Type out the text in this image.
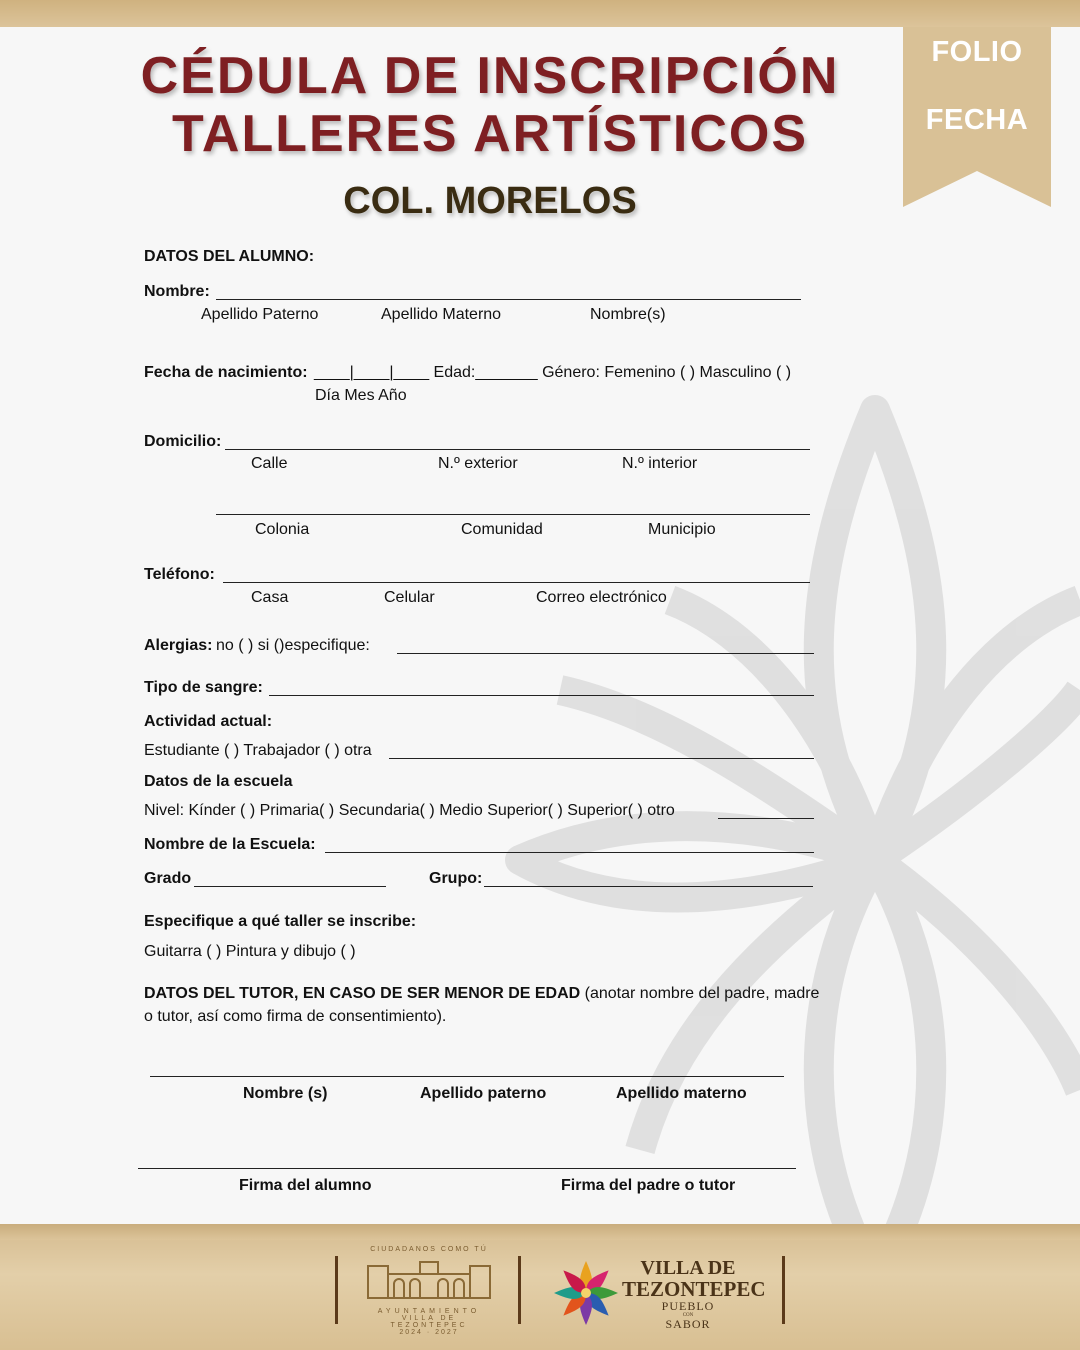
FOLIO
FECHA
CÉDULA DE INSCRIPCIÓN
TALLERES ARTÍSTICOS
COL. MORELOS
DATOS DEL ALUMNO:
Nombre:
Apellido Paterno	Apellido Materno	Nombre(s)
Fecha de nacimiento: ____|____|____ Edad:_______ Género: Femenino ( ) Masculino ( )
Día Mes Año
Domicilio:
Calle	N.º exterior	N.º interior
Colonia	Comunidad	Municipio
Teléfono:
Casa	Celular	Correo electrónico
Alergias: no ( ) si ()especifique:
Tipo de sangre:
Actividad actual:
Estudiante ( ) Trabajador ( ) otra
Datos de la escuela
Nivel: Kínder ( ) Primaria( ) Secundaria( ) Medio Superior( ) Superior( ) otro
Nombre de la Escuela:
Grado	Grupo:
Especifique a qué taller se inscribe:
Guitarra ( ) Pintura y dibujo ( )
DATOS DEL TUTOR, EN CASO DE SER MENOR DE EDAD (anotar nombre del padre, madre
o tutor, así como firma de consentimiento).
Nombre (s)	Apellido paterno	Apellido materno
Firma del alumno	Firma del padre o tutor
CIUDADANOS COMO TÚ
AYUNTAMIENTO
VILLA DE TEZONTEPEC
2024 · 2027
VILLA DE
TEZONTEPEC
PUEBLO
CON
SABOR
